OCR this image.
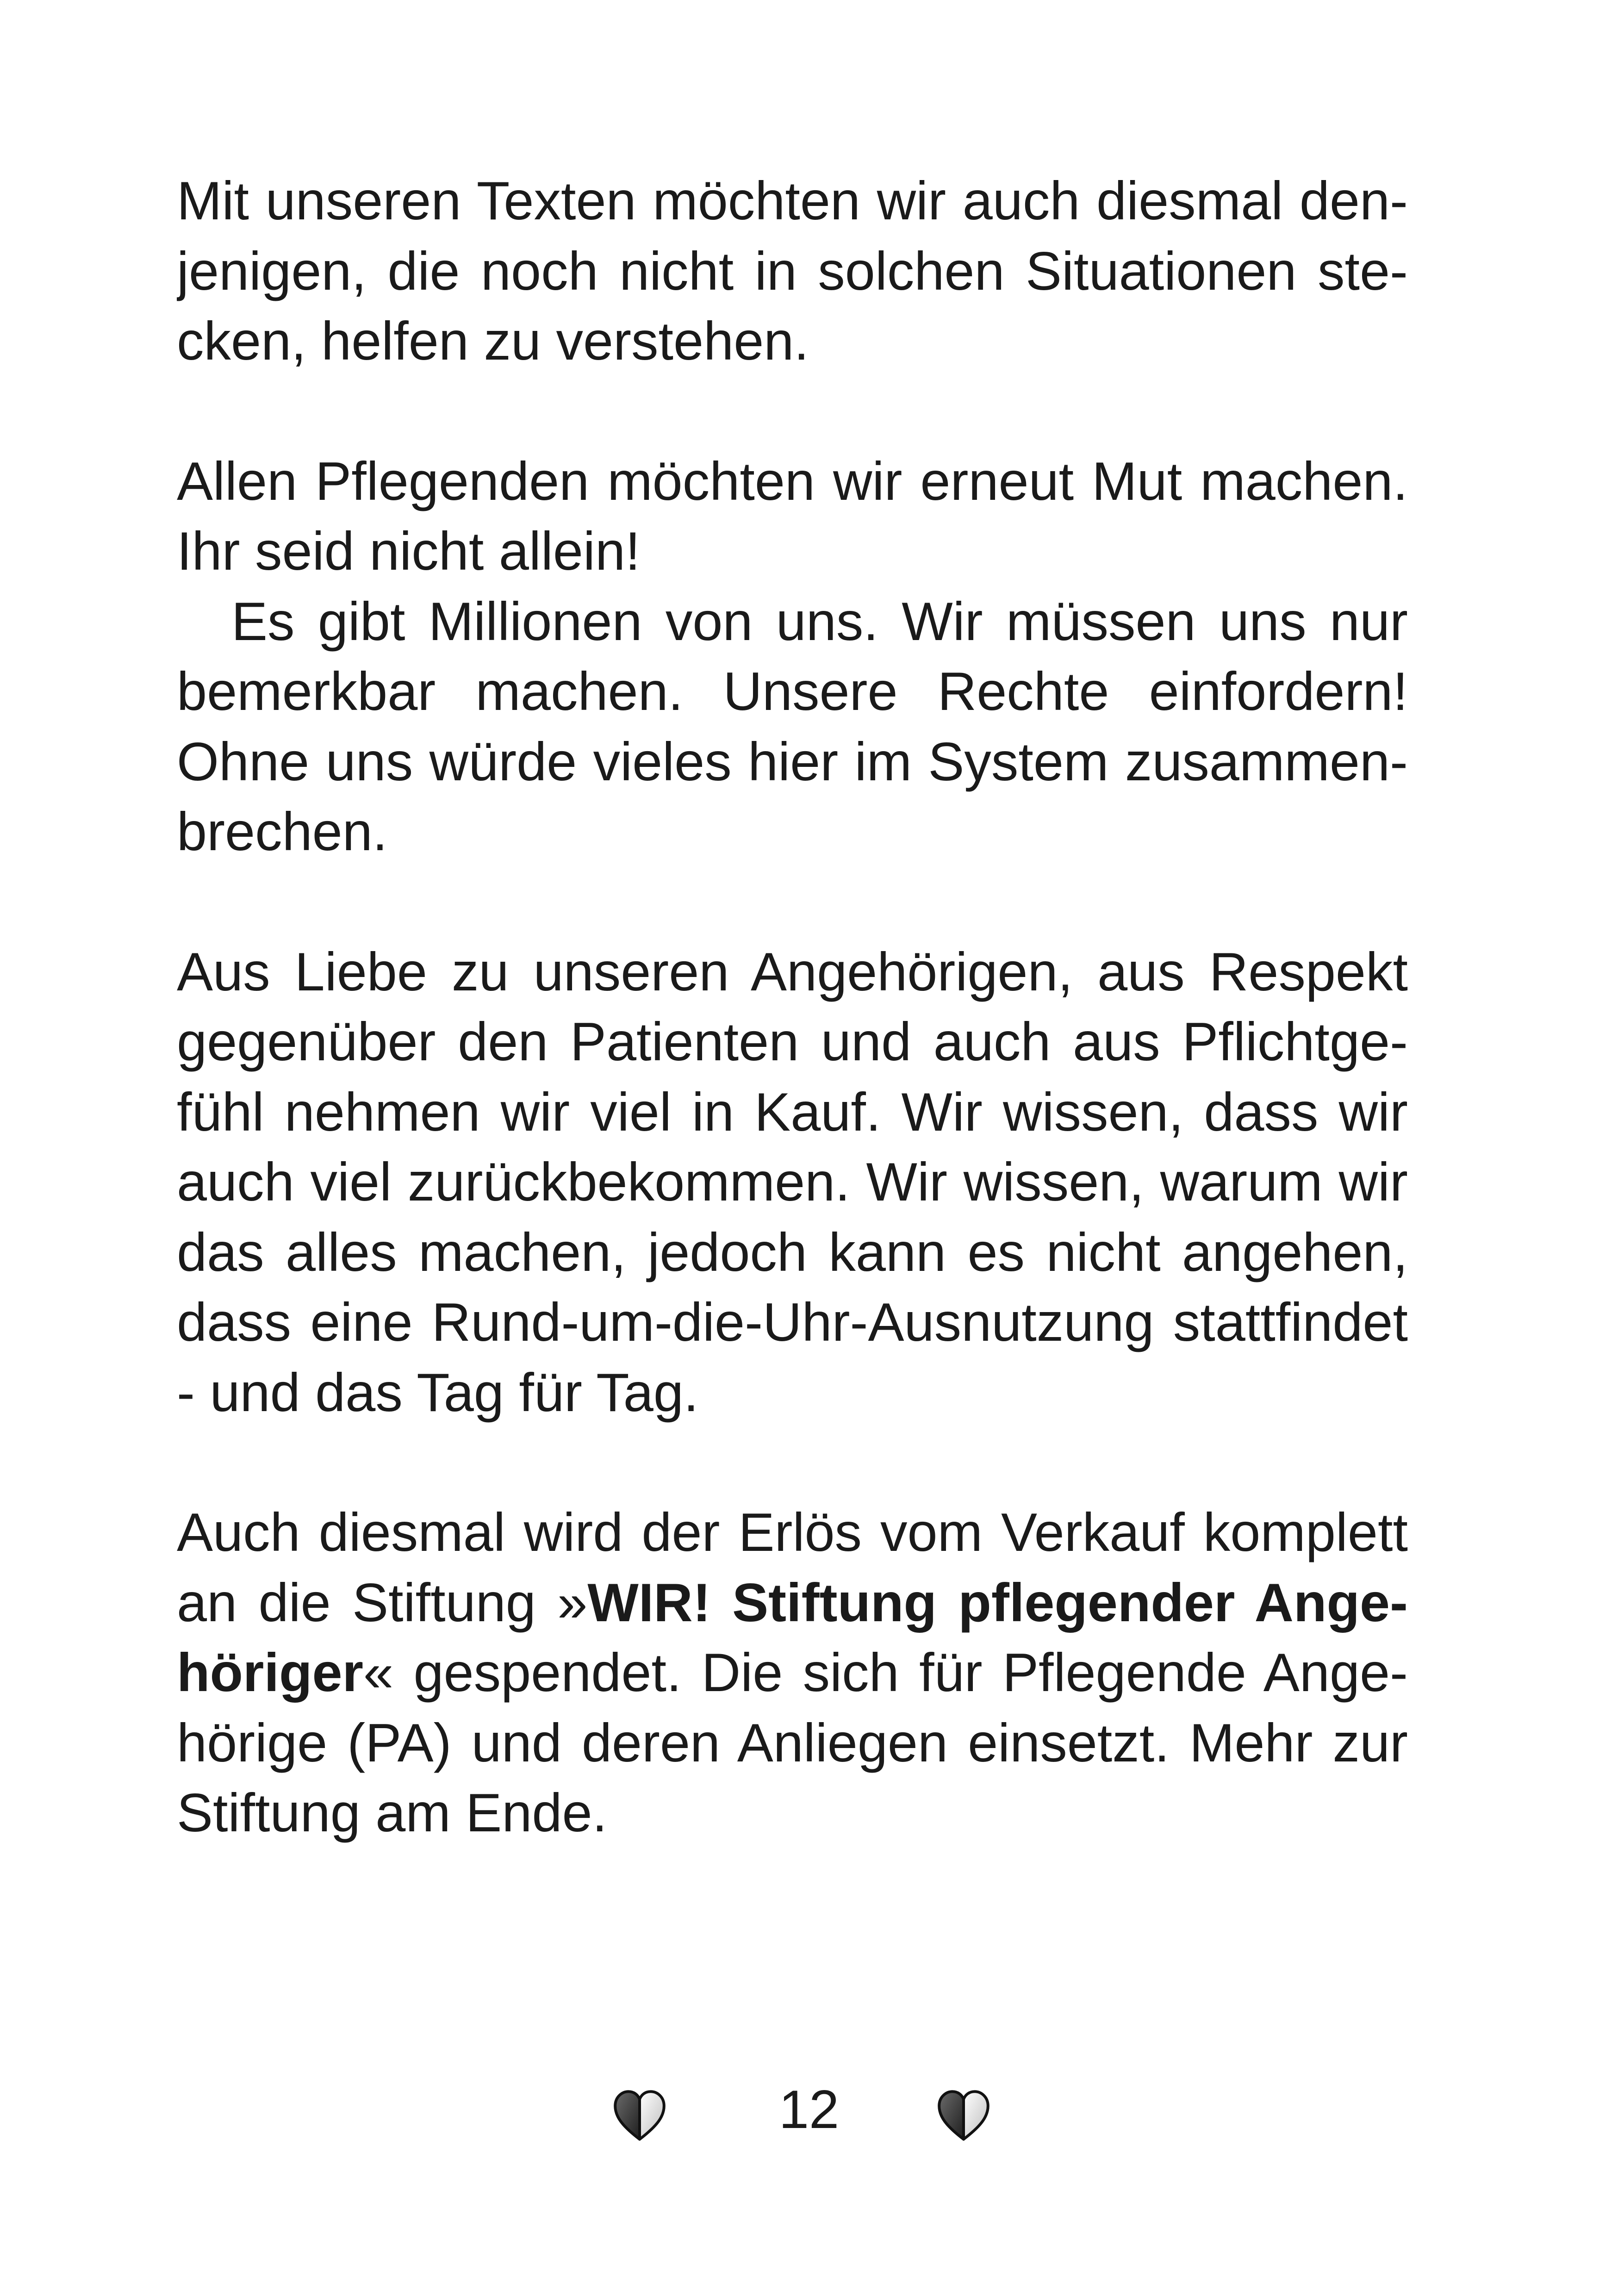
Mit unseren Texten möchten wir auch diesmal den-
jenigen, die noch nicht in solchen Situationen ste-
cken, helfen zu verstehen.

Allen Pflegenden möchten wir erneut Mut machen.
Ihr seid nicht allein!
Es gibt Millionen von uns. Wir müssen uns nur
bemerkbar machen. Unsere Rechte einfordern!
Ohne uns würde vieles hier im System zusammen-
brechen.

Aus Liebe zu unseren Angehörigen, aus Respekt
gegenüber den Patienten und auch aus Pflichtge-
fühl nehmen wir viel in Kauf. Wir wissen, dass wir
auch viel zurückbekommen. Wir wissen, warum wir
das alles machen, jedoch kann es nicht angehen,
dass eine Rund-um-die-Uhr-Ausnutzung stattfindet
- und das Tag für Tag.

Auch diesmal wird der Erlös vom Verkauf komplett
an die Stiftung »WIR! Stiftung pflegender Ange-
höriger« gespendet. Die sich für Pflegende Ange-
hörige (PA) und deren Anliegen einsetzt. Mehr zur
Stiftung am Ende.

12
